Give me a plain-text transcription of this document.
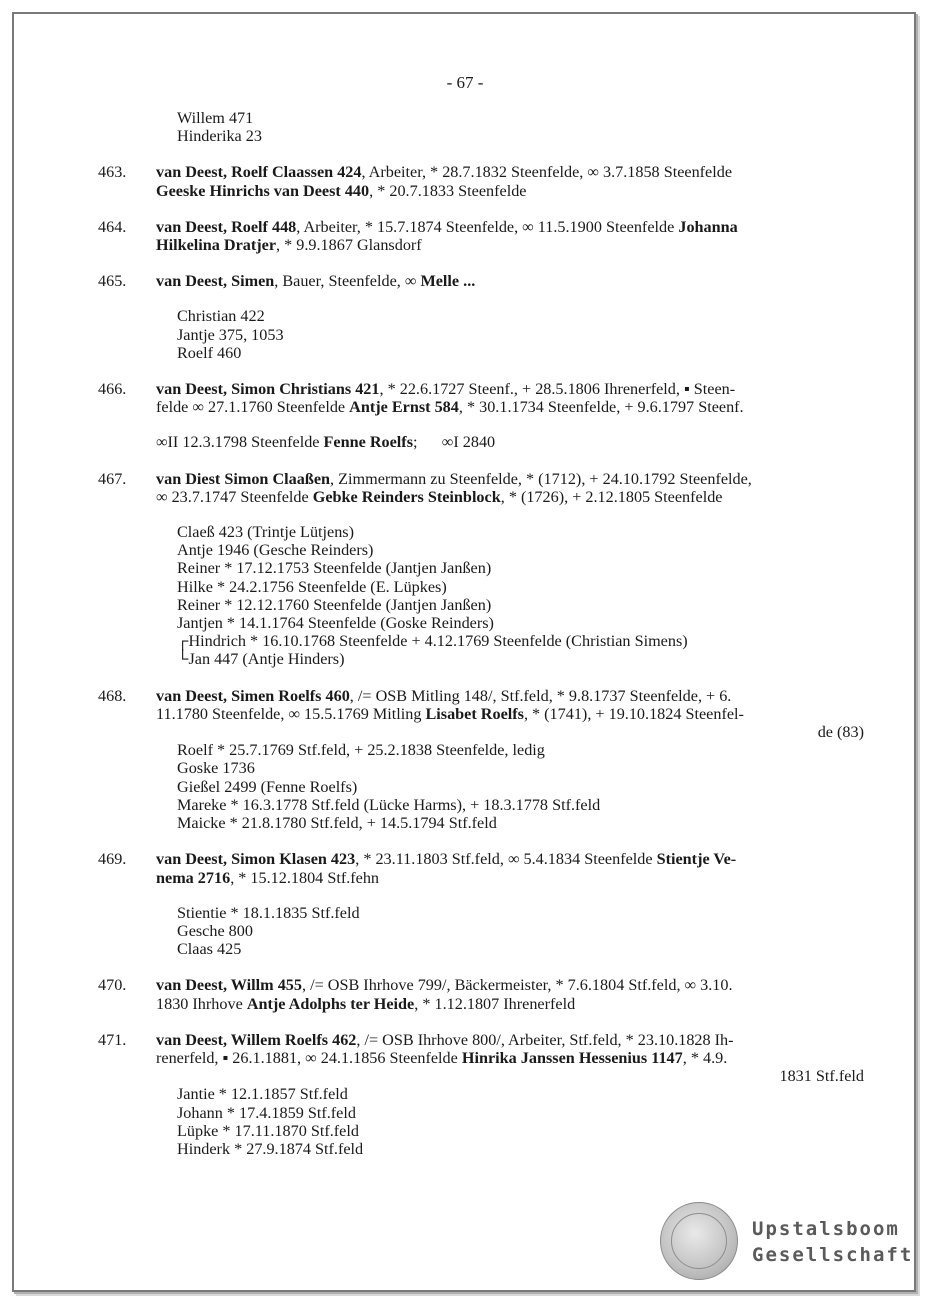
- 67 -
Willem 471
Hinderika 23
463. van Deest, Roelf Claassen 424, Arbeiter, * 28.7.1832 Steenfelde, ∞ 3.7.1858 Steenfelde
Geeske Hinrichs van Deest 440, * 20.7.1833 Steenfelde
464. van Deest, Roelf 448, Arbeiter, * 15.7.1874 Steenfelde, ∞ 11.5.1900 Steenfelde Johanna
Hilkelina Dratjer, * 9.9.1867 Glansdorf
465. van Deest, Simen, Bauer, Steenfelde, ∞ Melle ...
Christian 422
Jantje 375, 1053
Roelf 460
466. van Deest, Simon Christians 421, * 22.6.1727 Steenf., + 28.5.1806 Ihrenerfeld, ▪ Steen-
felde ∞ 27.1.1760 Steenfelde Antje Ernst 584, * 30.1.1734 Steenfelde, + 9.6.1797 Steenf.
∞II 12.3.1798 Steenfelde Fenne Roelfs;      ∞I 2840
467. van Diest Simon Claaßen, Zimmermann zu Steenfelde, * (1712), + 24.10.1792 Steenfelde,
∞ 23.7.1747 Steenfelde Gebke Reinders Steinblock, * (1726), + 2.12.1805 Steenfelde
Claeß 423 (Trintje Lütjens)
Antje 1946 (Gesche Reinders)
Reiner * 17.12.1753 Steenfelde (Jantjen Janßen)
Hilke * 24.2.1756 Steenfelde (E. Lüpkes)
Reiner * 12.12.1760 Steenfelde (Jantjen Janßen)
Jantjen * 14.1.1764 Steenfelde (Goske Reinders)
┌Hindrich * 16.10.1768 Steenfelde + 4.12.1769 Steenfelde (Christian Simens)
└Jan 447 (Antje Hinders)
468. van Deest, Simen Roelfs 460, /= OSB Mitling 148/, Stf.feld, * 9.8.1737 Steenfelde, + 6.
11.1780 Steenfelde, ∞ 15.5.1769 Mitling Lisabet Roelfs, * (1741), + 19.10.1824 Steenfel-
de (83)
Roelf * 25.7.1769 Stf.feld, + 25.2.1838 Steenfelde, ledig
Goske 1736
Gießel 2499 (Fenne Roelfs)
Mareke * 16.3.1778 Stf.feld (Lücke Harms), + 18.3.1778 Stf.feld
Maicke * 21.8.1780 Stf.feld, + 14.5.1794 Stf.feld
469. van Deest, Simon Klasen 423, * 23.11.1803 Stf.feld, ∞ 5.4.1834 Steenfelde Stientje Ve-
nema 2716, * 15.12.1804 Stf.fehn
Stientie * 18.1.1835 Stf.feld
Gesche 800
Claas 425
470. van Deest, Willm 455, /= OSB Ihrhove 799/, Bäckermeister, * 7.6.1804 Stf.feld, ∞ 3.10.
1830 Ihrhove Antje Adolphs ter Heide, * 1.12.1807 Ihrenerfeld
471. van Deest, Willem Roelfs 462, /= OSB Ihrhove 800/, Arbeiter, Stf.feld, * 23.10.1828 Ih-
renerfeld, ▪ 26.1.1881, ∞ 24.1.1856 Steenfelde Hinrika Janssen Hessenius 1147, * 4.9.
1831 Stf.feld
Jantie * 12.1.1857 Stf.feld
Johann * 17.4.1859 Stf.feld
Lüpke * 17.11.1870 Stf.feld
Hinderk * 27.9.1874 Stf.feld
Upstalsboom
Gesellschaft
